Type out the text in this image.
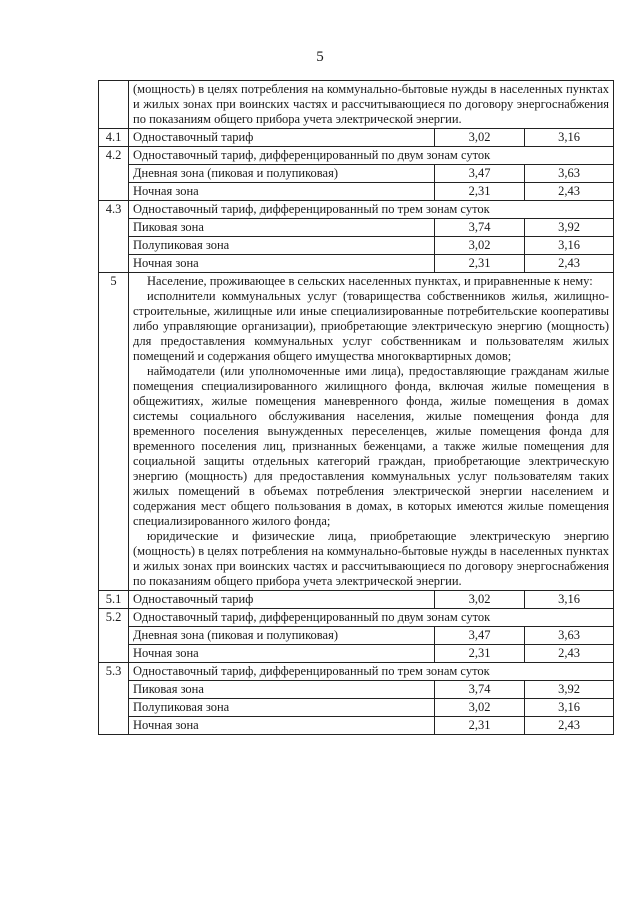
5
	(мощность) в целях потребления на коммунально-бытовые нужды в населенных пунктах и жилых зонах при воинских частях и рассчитывающиеся по договору энергоснабжения по показаниям общего прибора учета электрической энергии.		
4.1	Одноставочный тариф	3,02	3,16
4.2	Одноставочный тариф, дифференцированный по двум зонам суток		
	Дневная зона (пиковая и полупиковая)	3,47	3,63
	Ночная зона	2,31	2,43
4.3	Одноставочный тариф, дифференцированный по трем зонам суток		
	Пиковая зона	3,74	3,92
	Полупиковая зона	3,02	3,16
	Ночная зона	2,31	2,43
5	Население, проживающее в сельских населенных пунктах, и приравненные к нему:

исполнители коммунальных услуг (товарищества собственников жилья, жилищно-строительные, жилищные или иные специализированные потребительские кооперативы либо управляющие организации), приобретающие электрическую энергию (мощность) для предоставления коммунальных услуг собственникам и пользователям жилых помещений и содержания общего имущества многоквартирных домов;

наймодатели (или уполномоченные ими лица), предоставляющие гражданам жилые помещения специализированного жилищного фонда, включая жилые помещения в общежитиях, жилые помещения маневренного фонда, жилые помещения в домах системы социального обслуживания населения, жилые помещения фонда для временного поселения вынужденных переселенцев, жилые помещения фонда для временного поселения лиц, признанных беженцами, а также жилые помещения для социальной защиты отдельных категорий граждан, приобретающие электрическую энергию (мощность) для предоставления коммунальных услуг пользователям таких жилых помещений в объемах потребления электрической энергии населением и содержания мест общего пользования в домах, в которых имеются жилые помещения специализированного жилого фонда;

юридические и физические лица, приобретающие электрическую энергию (мощность) в целях потребления на коммунально-бытовые нужды в населенных пунктах и жилых зонах при воинских частях и рассчитывающиеся по договору энергоснабжения по показаниям общего прибора учета электрической энергии.		

5.1	Одноставочный тариф	3,02	3,16
5.2	Одноставочный тариф, дифференцированный по двум зонам суток		
	Дневная зона (пиковая и полупиковая)	3,47	3,63
	Ночная зона	2,31	2,43
5.3	Одноставочный тариф, дифференцированный по трем зонам суток		
	Пиковая зона	3,74	3,92
	Полупиковая зона	3,02	3,16
	Ночная зона	2,31	2,43
